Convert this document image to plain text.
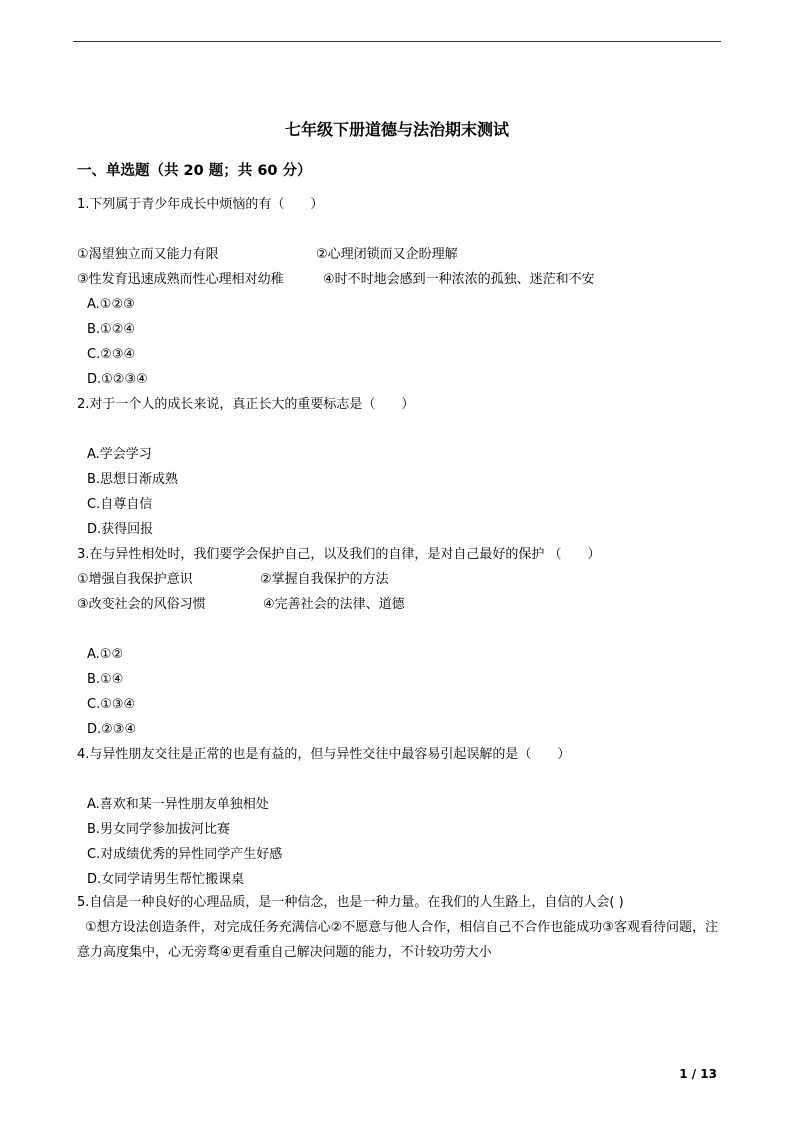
七年级下册道德与法治期末测试
一、单选题（共 20 题；共 60 分）
1.下列属于青少年成长中烦恼的有（　　）
①渴望独立而又能力有限	②心理闭锁而又企盼理解
③性发育迅速成熟而性心理相对幼稚	④时不时地会感到一种浓浓的孤独、迷茫和不安
A.①②③
B.①②④
C.②③④
D.①②③④
2.对于一个人的成长来说，真正长大的重要标志是（　　）
A.学会学习
B.思想日渐成熟
C.自尊自信
D.获得回报
3.在与异性相处时，我们要学会保护自己，以及我们的自律，是对自己最好的保护 （　　）
①增强自我保护意识	②掌握自我保护的方法
③改变社会的风俗习惯	④完善社会的法律、道德
A.①②
B.①④
C.①③④
D.②③④
4.与异性朋友交往是正常的也是有益的，但与异性交往中最容易引起误解的是（　　）
A.喜欢和某一异性朋友单独相处
B.男女同学参加拔河比赛
C.对成绩优秀的异性同学产生好感
D.女同学请男生帮忙搬课桌
5.自信是一种良好的心理品质，是一种信念，也是一种力量。在我们的人生路上，自信的人会( )
①想方设法创造条件，对完成任务充满信心②不愿意与他人合作，相信自己不合作也能成功③客观看待问题，注意力高度集中，心无旁骛④更看重自己解决问题的能力，不计较功劳大小
1 / 13
